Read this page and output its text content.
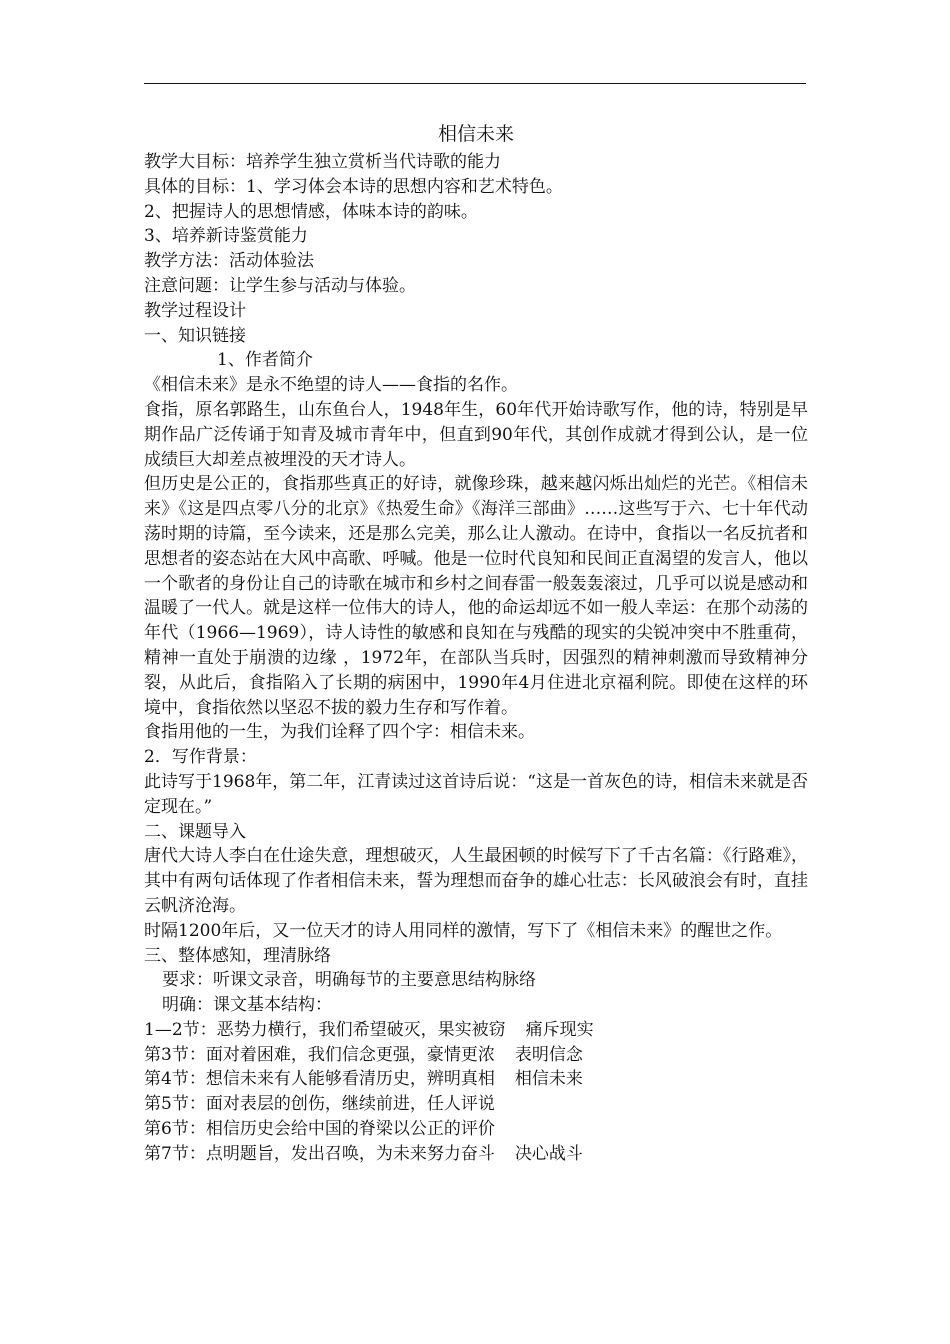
相信未来

教学大目标：培养学生独立赏析当代诗歌的能力

具体的目标：1、学习体会本诗的思想内容和艺术特色。

2、把握诗人的思想情感，体味本诗的韵味。

3、培养新诗鉴赏能力

教学方法：活动体验法

注意问题：让学生参与活动与体验。

教学过程设计

一、知识链接

1、作者简介

《相信未来》是永不绝望的诗人——食指的名作。

食指，原名郭路生，山东鱼台人，1948年生，60年代开始诗歌写作，他的诗，特别是早期作品广泛传诵于知青及城市青年中，但直到90年代，其创作成就才得到公认，是一位成绩巨大却差点被埋没的天才诗人。

但历史是公正的，食指那些真正的好诗，就像珍珠，越来越闪烁出灿烂的光芒。《相信未来》《这是四点零八分的北京》《热爱生命》《海洋三部曲》……这些写于六、七十年代动荡时期的诗篇，至今读来，还是那么完美，那么让人激动。在诗中，食指以一名反抗者和思想者的姿态站在大风中高歌、呼喊。他是一位时代良知和民间正直渴望的发言人，他以一个歌者的身份让自己的诗歌在城市和乡村之间春雷一般轰轰滚过，几乎可以说是感动和温暖了一代人。就是这样一位伟大的诗人，他的命运却远不如一般人幸运：在那个动荡的年代（1966—1969），诗人诗性的敏感和良知在与残酷的现实的尖锐冲突中不胜重荷，精神一直处于崩溃的边缘 ，1972年，在部队当兵时，因强烈的精神刺激而导致精神分裂，从此后，食指陷入了长期的病困中，1990年4月住进北京福利院。即使在这样的环境中，食指依然以坚忍不拔的毅力生存和写作着。

食指用他的一生，为我们诠释了四个字：相信未来。

2．写作背景：

此诗写于1968年，第二年，江青读过这首诗后说：“这是一首灰色的诗，相信未来就是否定现在。”

二、课题导入

唐代大诗人李白在仕途失意，理想破灭，人生最困顿的时候写下了千古名篇：《行路难》，其中有两句话体现了作者相信未来，誓为理想而奋争的雄心壮志：长风破浪会有时，直挂云帆济沧海。

时隔1200年后，又一位天才的诗人用同样的激情，写下了《相信未来》的醒世之作。

三、整体感知，理清脉络

要求：听课文录音，明确每节的主要意思结构脉络

明确：课文基本结构：

1—2节：恶势力横行，我们希望破灭，果实被窃 痛斥现实

第3节：面对着困难，我们信念更强，豪情更浓 表明信念

第4节：想信未来有人能够看清历史，辨明真相 相信未来

第5节：面对表层的创伤，继续前进，任人评说

第6节：相信历史会给中国的脊梁以公正的评价

第7节：点明题旨，发出召唤，为未来努力奋斗 决心战斗
